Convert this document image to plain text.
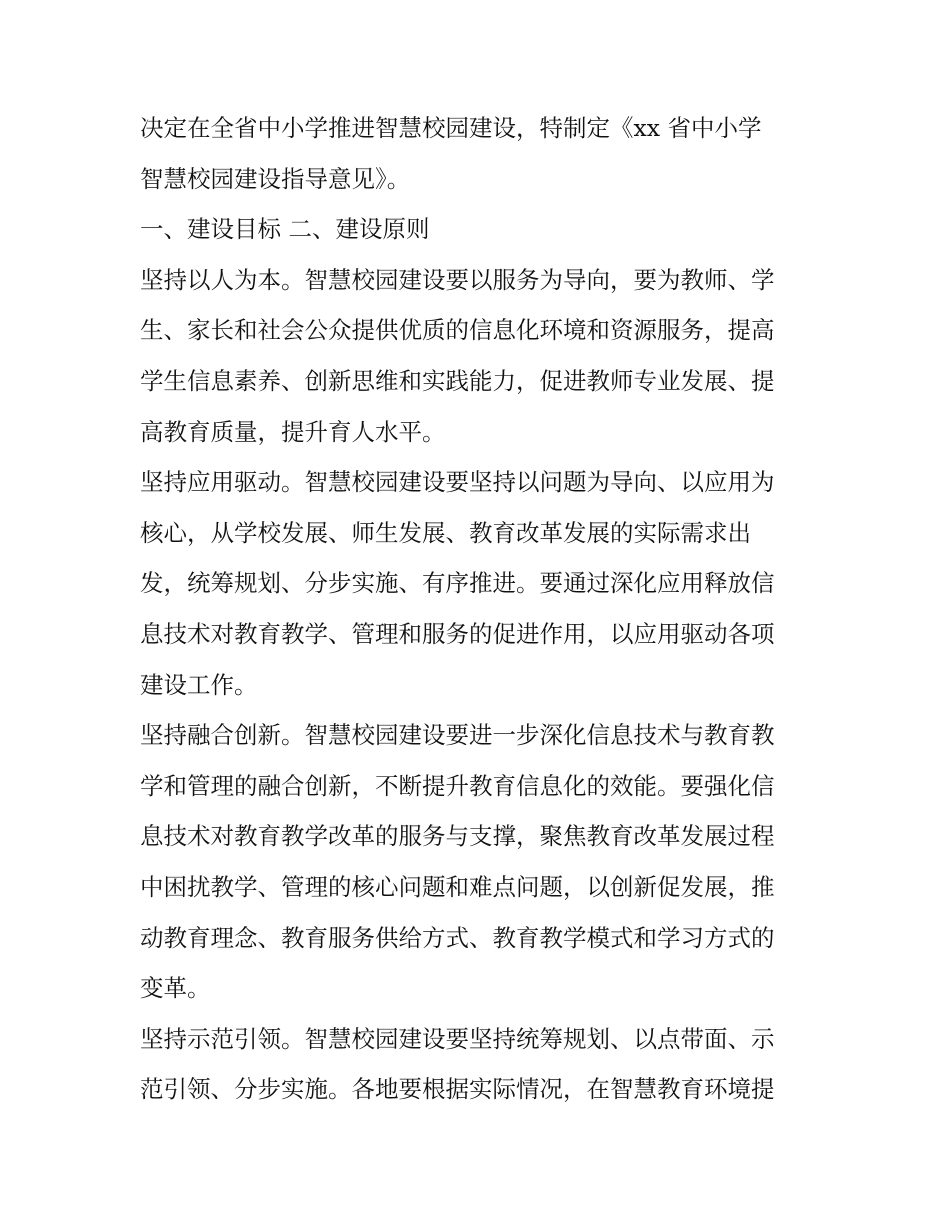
决定在全省中小学推进智慧校园建设，特制定《xx 省中小学
智慧校园建设指导意见》。
一、建设目标 二、建设原则
坚持以人为本。智慧校园建设要以服务为导向，要为教师、学
生、家长和社会公众提供优质的信息化环境和资源服务，提高
学生信息素养、创新思维和实践能力，促进教师专业发展、提
高教育质量，提升育人水平。
坚持应用驱动。智慧校园建设要坚持以问题为导向、以应用为
核心，从学校发展、师生发展、教育改革发展的实际需求出
发，统筹规划、分步实施、有序推进。要通过深化应用释放信
息技术对教育教学、管理和服务的促进作用，以应用驱动各项
建设工作。
坚持融合创新。智慧校园建设要进一步深化信息技术与教育教
学和管理的融合创新，不断提升教育信息化的效能。要强化信
息技术对教育教学改革的服务与支撑，聚焦教育改革发展过程
中困扰教学、管理的核心问题和难点问题，以创新促发展，推
动教育理念、教育服务供给方式、教育教学模式和学习方式的
变革。
坚持示范引领。智慧校园建设要坚持统筹规划、以点带面、示
范引领、分步实施。各地要根据实际情况，在智慧教育环境提
